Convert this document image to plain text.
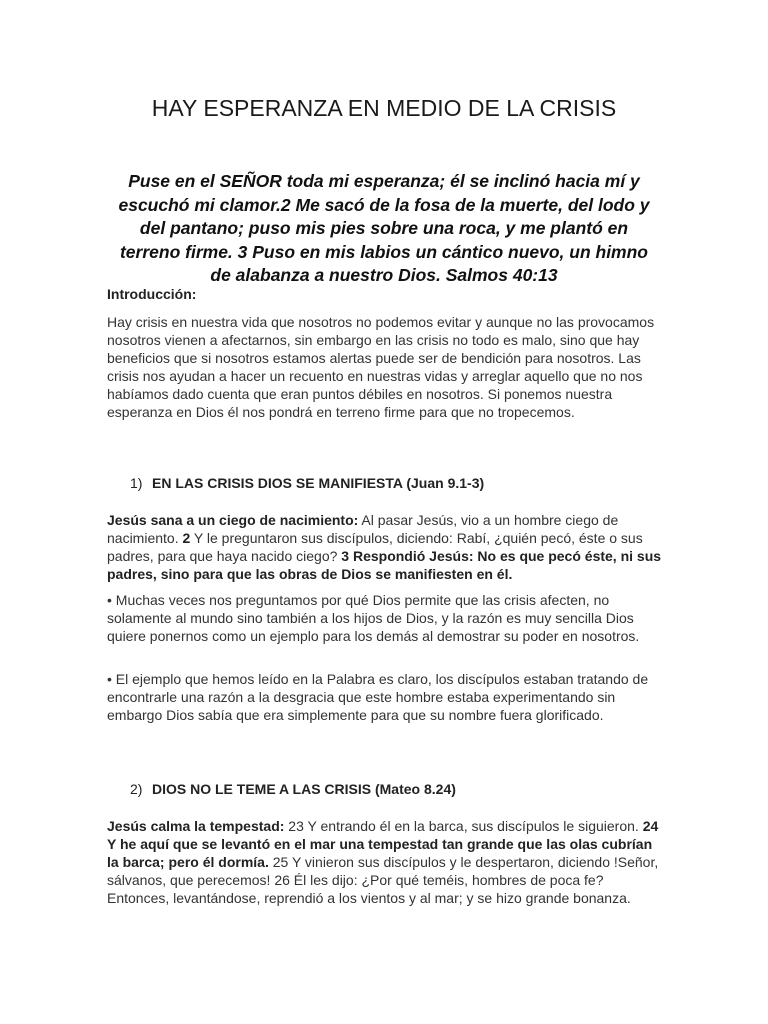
HAY ESPERANZA EN MEDIO DE LA CRISIS

Puse en el SEÑOR toda mi esperanza; él se inclinó hacia mí y escuchó mi clamor.2 Me sacó de la fosa de la muerte, del lodo y del pantano; puso mis pies sobre una roca, y me plantó en terreno firme. 3 Puso en mis labios un cántico nuevo, un himno de alabanza a nuestro Dios. Salmos 40:13

Introducción:

Hay crisis en nuestra vida que nosotros no podemos evitar y aunque no las provocamos nosotros vienen a afectarnos, sin embargo en las crisis no todo es malo, sino que hay beneficios que si nosotros estamos alertas puede ser de bendición para nosotros. Las crisis nos ayudan a hacer un recuento en nuestras vidas y arreglar aquello que no nos habíamos dado cuenta que eran puntos débiles en nosotros. Si ponemos nuestra esperanza en Dios él nos pondrá en terreno firme para que no tropecemos.

1) EN LAS CRISIS DIOS SE MANIFIESTA (Juan 9.1-3)

Jesús sana a un ciego de nacimiento: Al pasar Jesús, vio a un hombre ciego de nacimiento. 2 Y le preguntaron sus discípulos, diciendo: Rabí, ¿quién pecó, éste o sus padres, para que haya nacido ciego? 3 Respondió Jesús: No es que pecó éste, ni sus padres, sino para que las obras de Dios se manifiesten en él.

• Muchas veces nos preguntamos por qué Dios permite que las crisis afecten, no solamente al mundo sino también a los hijos de Dios, y la razón es muy sencilla Dios quiere ponernos como un ejemplo para los demás al demostrar su poder en nosotros.

• El ejemplo que hemos leído en la Palabra es claro, los discípulos estaban tratando de encontrarle una razón a la desgracia que este hombre estaba experimentando sin embargo Dios sabía que era simplemente para que su nombre fuera glorificado.

2) DIOS NO LE TEME A LAS CRISIS (Mateo 8.24)

Jesús calma la tempestad: 23 Y entrando él en la barca, sus discípulos le siguieron. 24 Y he aquí que se levantó en el mar una tempestad tan grande que las olas cubrían la barca; pero él dormía. 25 Y vinieron sus discípulos y le despertaron, diciendo !Señor, sálvanos, que perecemos! 26 Él les dijo: ¿Por qué teméis, hombres de poca fe? Entonces, levantándose, reprendió a los vientos y al mar; y se hizo grande bonanza.
